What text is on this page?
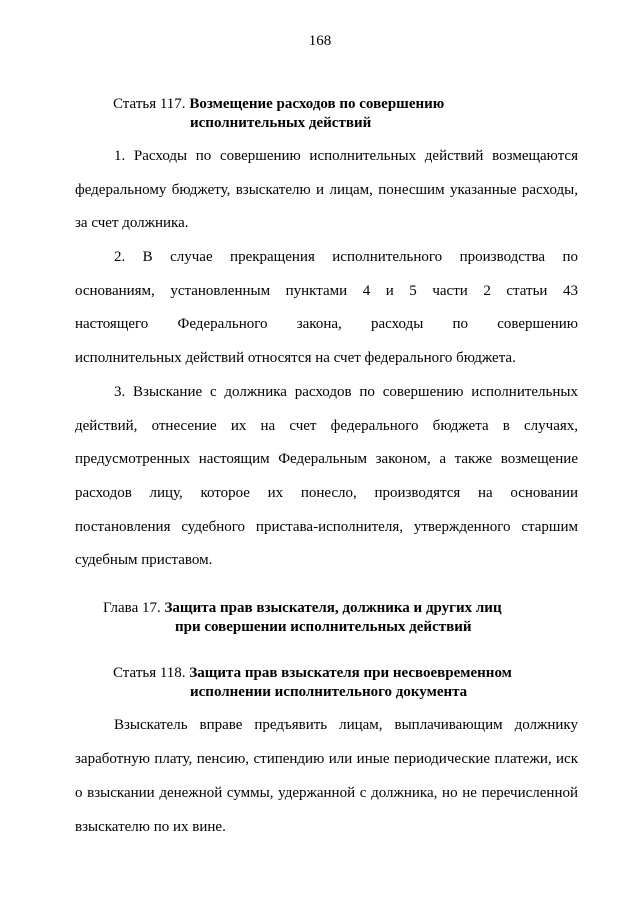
168
Статья 117. Возмещение расходов по совершению
исполнительных действий
1. Расходы по совершению исполнительных действий возмещаются
федеральному бюджету, взыскателю и лицам, понесшим указанные расходы,
за счет должника.
2. В случае прекращения исполнительного производства по
основаниям, установленным пунктами 4 и 5 части 2 статьи 43
настоящего Федерального закона, расходы по совершению
исполнительных действий относятся на счет федерального бюджета.
3. Взыскание с должника расходов по совершению исполнительных
действий, отнесение их на счет федерального бюджета в случаях,
предусмотренных настоящим Федеральным законом, а также возмещение
расходов лицу, которое их понесло, производятся на основании
постановления судебного пристава-исполнителя, утвержденного старшим
судебным приставом.
Глава 17. Защита прав взыскателя, должника и других лиц
при совершении исполнительных действий
Статья 118. Защита прав взыскателя при несвоевременном
исполнении исполнительного документа
Взыскатель вправе предъявить лицам, выплачивающим должнику
заработную плату, пенсию, стипендию или иные периодические платежи, иск
о взыскании денежной суммы, удержанной с должника, но не перечисленной
взыскателю по их вине.
